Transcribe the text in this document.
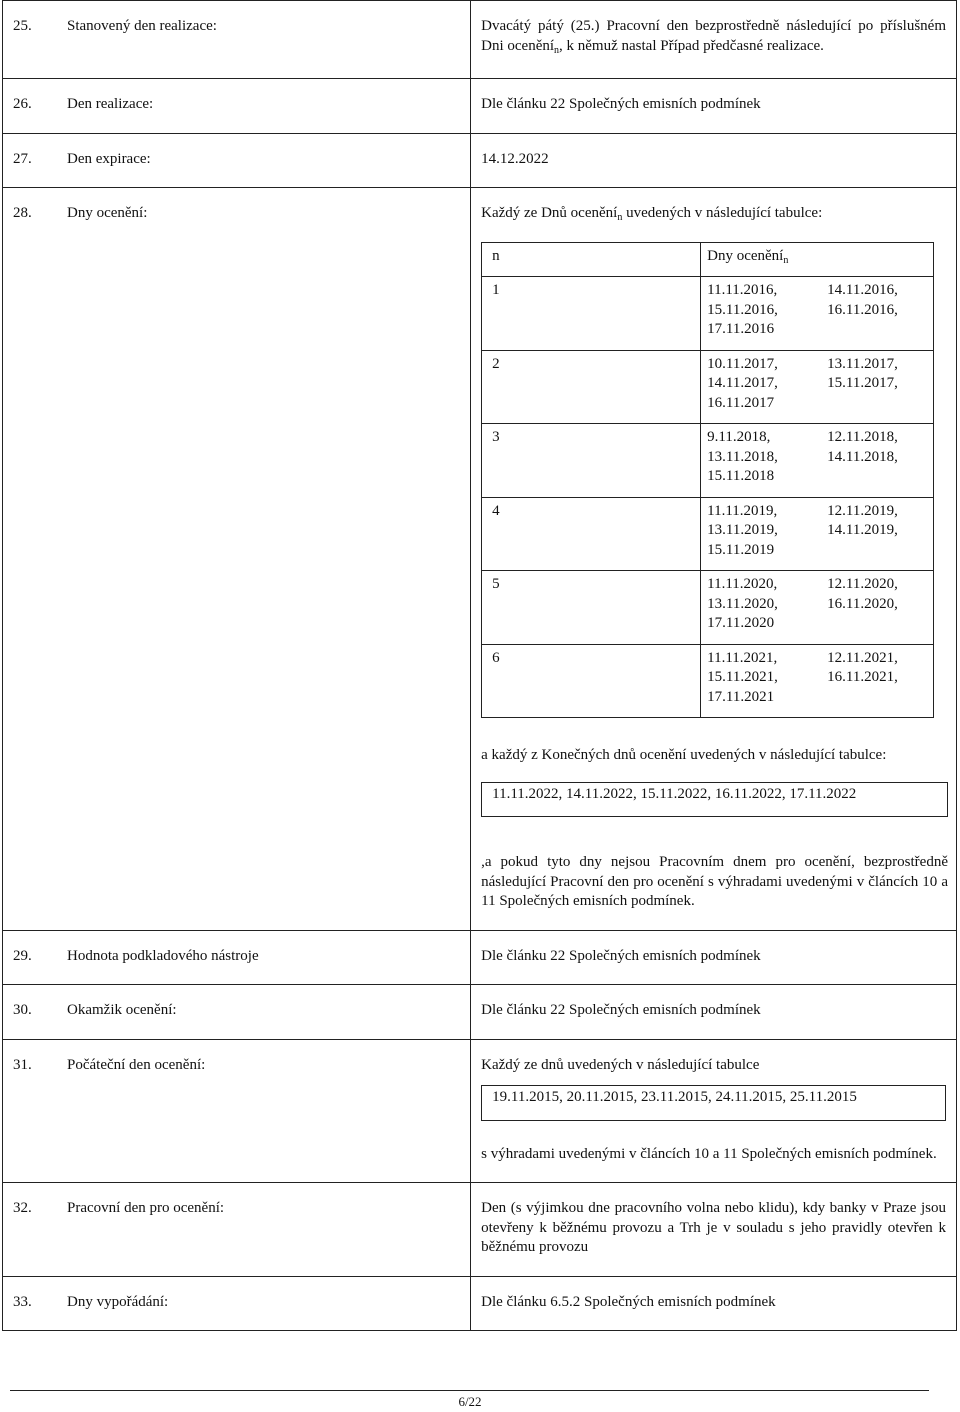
25.	Stanovený den realizace:	Dvacátý pátý (25.) Pracovní den bezprostředně následující po příslušném Dni ocenění$_n$, k němuž nastal Případ předčasné realizace.

26.	Den realizace:	Dle článku 22 Společných emisních podmínek

27.	Den expirace:	14.12.2022

28.	Dny ocenění:	Každý ze Dnů ocenění$_n$ uvedených v následující tabulce:

n	Dny ocenění$_n$
1	11.11.2016,	14.11.2016,
15.11.2016,	16.11.2016,
17.11.2016

2	10.11.2017,	13.11.2017,
14.11.2017,	15.11.2017,
16.11.2017

3	9.11.2018,	12.11.2018,
13.11.2018,	14.11.2018,
15.11.2018

4	11.11.2019,	12.11.2019,
13.11.2019,	14.11.2019,
15.11.2019

5	11.11.2020,	12.11.2020,
13.11.2020,	16.11.2020,
17.11.2020

6	11.11.2021,	12.11.2021,
15.11.2021,	16.11.2021,
17.11.2021

a každý z Konečných dnů ocenění uvedených v následující tabulce:

11.11.2022, 14.11.2022, 15.11.2022, 16.11.2022, 17.11.2022

,a pokud tyto dny nejsou Pracovním dnem pro ocenění, bezprostředně následující Pracovní den pro ocenění s výhradami uvedenými v článcích 10 a 11 Společných emisních podmínek.

29.	Hodnota podkladového nástroje	Dle článku 22 Společných emisních podmínek

30.	Okamžik ocenění:	Dle článku 22 Společných emisních podmínek

31.	Počáteční den ocenění:	Každý ze dnů uvedených v následující tabulce

19.11.2015, 20.11.2015, 23.11.2015, 24.11.2015, 25.11.2015

s výhradami uvedenými v článcích 10 a 11 Společných emisních podmínek.

32.	Pracovní den pro ocenění:	Den (s výjimkou dne pracovního volna nebo klidu), kdy banky v Praze jsou otevřeny k běžnému provozu a Trh je v souladu s jeho pravidly otevřen k běžnému provozu

33.	Dny vypořádání:	Dle článku 6.5.2 Společných emisních podmínek
6/22
